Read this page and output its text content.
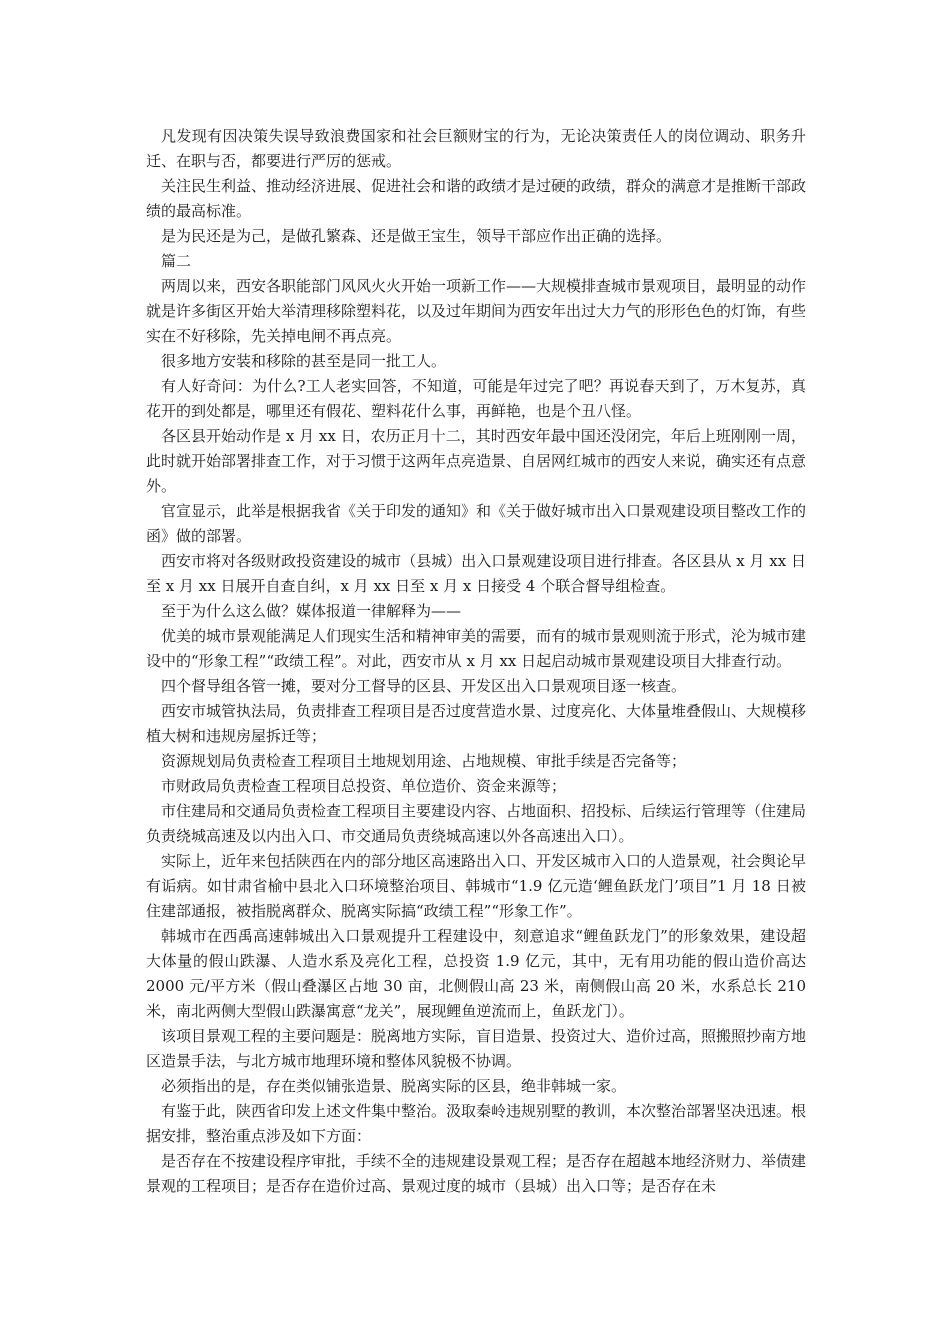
凡发现有因决策失误导致浪费国家和社会巨额财宝的行为，无论决策责任人的岗位调动、职务升迁、在职与否，都要进行严厉的惩戒。

关注民生利益、推动经济进展、促进社会和谐的政绩才是过硬的政绩，群众的满意才是推断干部政绩的最高标准。

是为民还是为己，是做孔繁森、还是做王宝生，领导干部应作出正确的选择。

篇二

两周以来，西安各职能部门风风火火开始一项新工作——大规模排查城市景观项目，最明显的动作就是许多街区开始大举清理移除塑料花，以及过年期间为西安年出过大力气的形形色色的灯饰，有些实在不好移除，先关掉电闸不再点亮。

很多地方安装和移除的甚至是同一批工人。

有人好奇问：为什么?工人老实回答，不知道，可能是年过完了吧？再说春天到了，万木复苏，真花开的到处都是，哪里还有假花、塑料花什么事，再鲜艳，也是个丑八怪。

各区县开始动作是 x 月 xx 日，农历正月十二，其时西安年最中国还没闭完，年后上班刚刚一周，此时就开始部署排查工作，对于习惯于这两年点亮造景、自居网红城市的西安人来说，确实还有点意外。

官宣显示，此举是根据我省《关于印发的通知》和《关于做好城市出入口景观建设项目整改工作的函》做的部署。

西安市将对各级财政投资建设的城市（县城）出入口景观建设项目进行排查。各区县从 x 月 xx 日至 x 月 xx 日展开自查自纠，x 月 xx 日至 x 月 x 日接受 4 个联合督导组检查。

至于为什么这么做？媒体报道一律解释为——

优美的城市景观能满足人们现实生活和精神审美的需要，而有的城市景观则流于形式，沦为城市建设中的“形象工程”“政绩工程”。对此，西安市从 x 月 xx 日起启动城市景观建设项目大排查行动。

四个督导组各管一摊，要对分工督导的区县、开发区出入口景观项目逐一核查。

西安市城管执法局，负责排查工程项目是否过度营造水景、过度亮化、大体量堆叠假山、大规模移植大树和违规房屋拆迁等；

资源规划局负责检查工程项目土地规划用途、占地规模、审批手续是否完备等；

市财政局负责检查工程项目总投资、单位造价、资金来源等；

市住建局和交通局负责检查工程项目主要建设内容、占地面积、招投标、后续运行管理等（住建局负责绕城高速及以内出入口、市交通局负责绕城高速以外各高速出入口）。

实际上，近年来包括陕西在内的部分地区高速路出入口、开发区城市入口的人造景观，社会舆论早有诟病。如甘肃省榆中县北入口环境整治项目、韩城市“1.9 亿元造‘鲤鱼跃龙门’项目”1 月 18 日被住建部通报，被指脱离群众、脱离实际搞“政绩工程”“形象工作”。

韩城市在西禹高速韩城出入口景观提升工程建设中，刻意追求“鲤鱼跃龙门”的形象效果，建设超大体量的假山跌瀑、人造水系及亮化工程，总投资 1.9 亿元，其中，无有用功能的假山造价高达 2000 元/平方米（假山叠瀑区占地 30 亩，北侧假山高 23 米，南侧假山高 20 米，水系总长 210 米，南北两侧大型假山跌瀑寓意“龙关”，展现鲤鱼逆流而上，鱼跃龙门）。

该项目景观工程的主要问题是：脱离地方实际，盲目造景、投资过大、造价过高，照搬照抄南方地区造景手法，与北方城市地理环境和整体风貌极不协调。

必须指出的是，存在类似铺张造景、脱离实际的区县，绝非韩城一家。

有鉴于此，陕西省印发上述文件集中整治。汲取秦岭违规别墅的教训，本次整治部署坚决迅速。根据安排，整治重点涉及如下方面：

是否存在不按建设程序审批，手续不全的违规建设景观工程；是否存在超越本地经济财力、举债建景观的工程项目；是否存在造价过高、景观过度的城市（县城）出入口等；是否存在未
